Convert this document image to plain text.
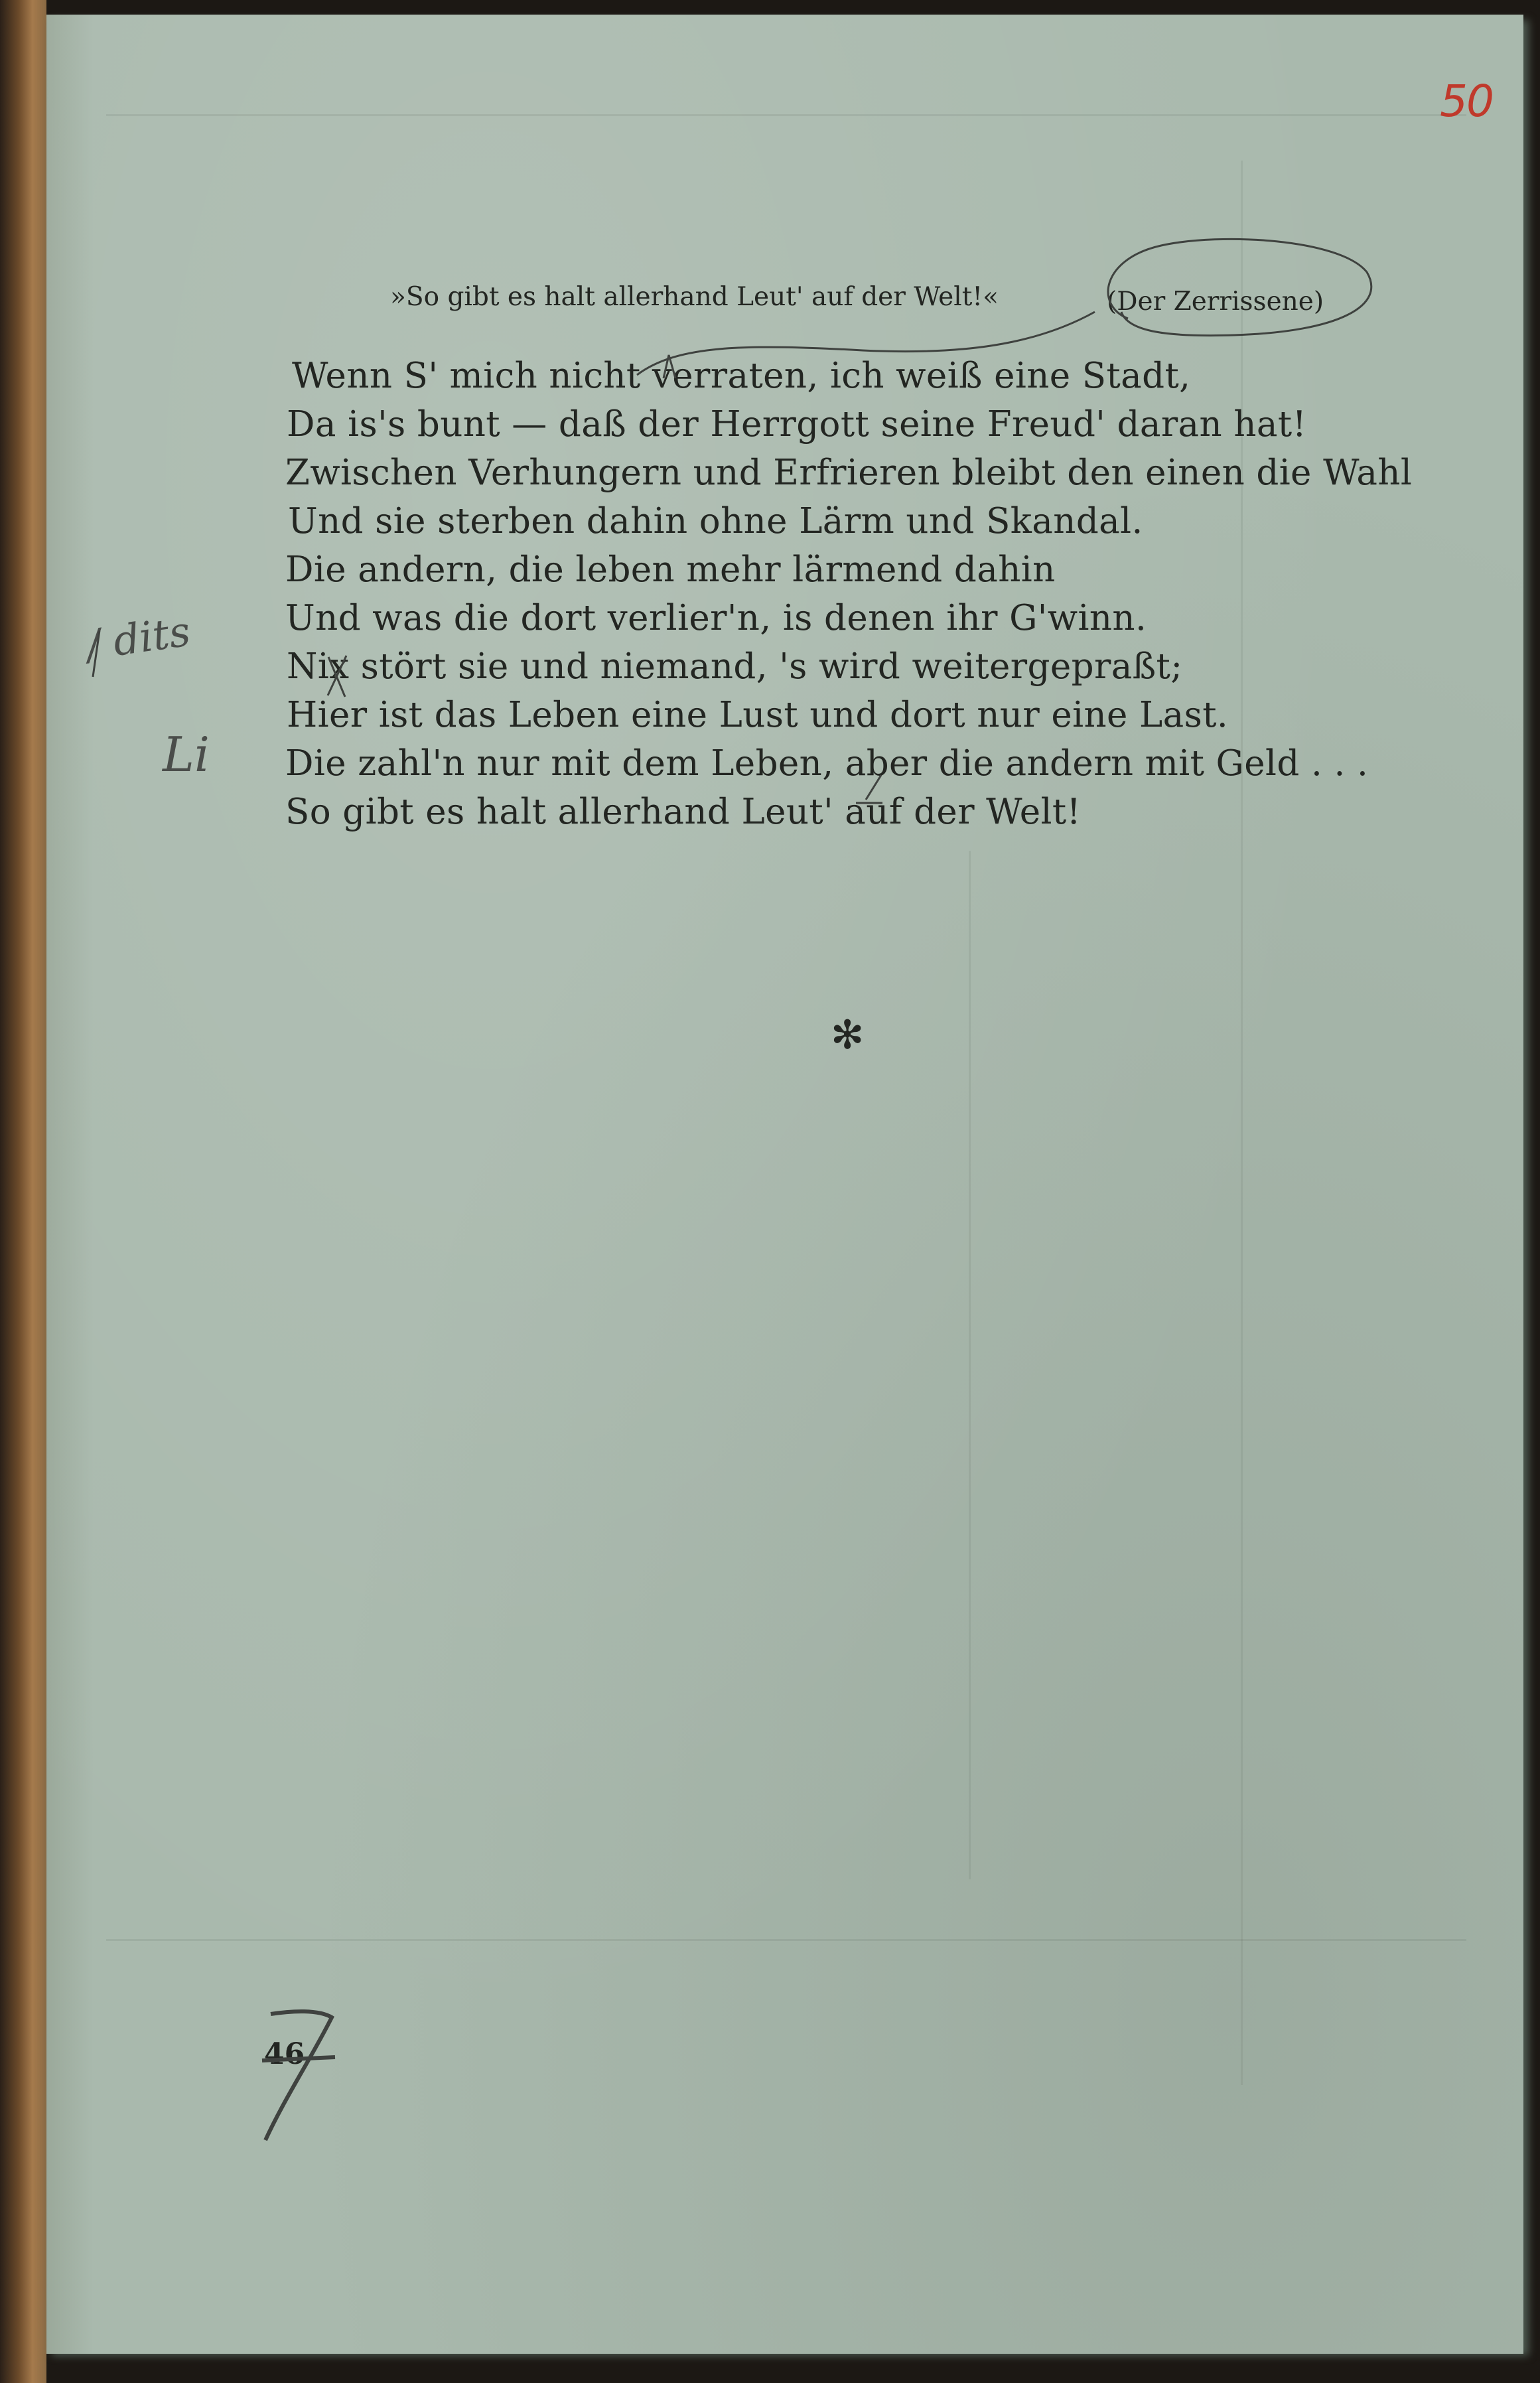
50
»So gibt es halt allerhand Leut' auf der Welt!«	(Der Zerrissene)
Wenn S' mich nicht verraten, ich weiß eine Stadt,
Da is's bunt — daß der Herrgott seine Freud' daran hat!
Zwischen Verhungern und Erfrieren bleibt den einen die Wahl
Und sie sterben dahin ohne Lärm und Skandal.
Die andern, die leben mehr lärmend dahin
Und was die dort verlier'n, is denen ihr G'winn.
Nix stört sie und niemand, 's wird weitergepraßt;
Hier ist das Leben eine Lust und dort nur eine Last.
Die zahl'n nur mit dem Leben, aber die andern mit Geld . . .
So gibt es halt allerhand Leut' auf der Welt!
✻
46
/ dits
Li
